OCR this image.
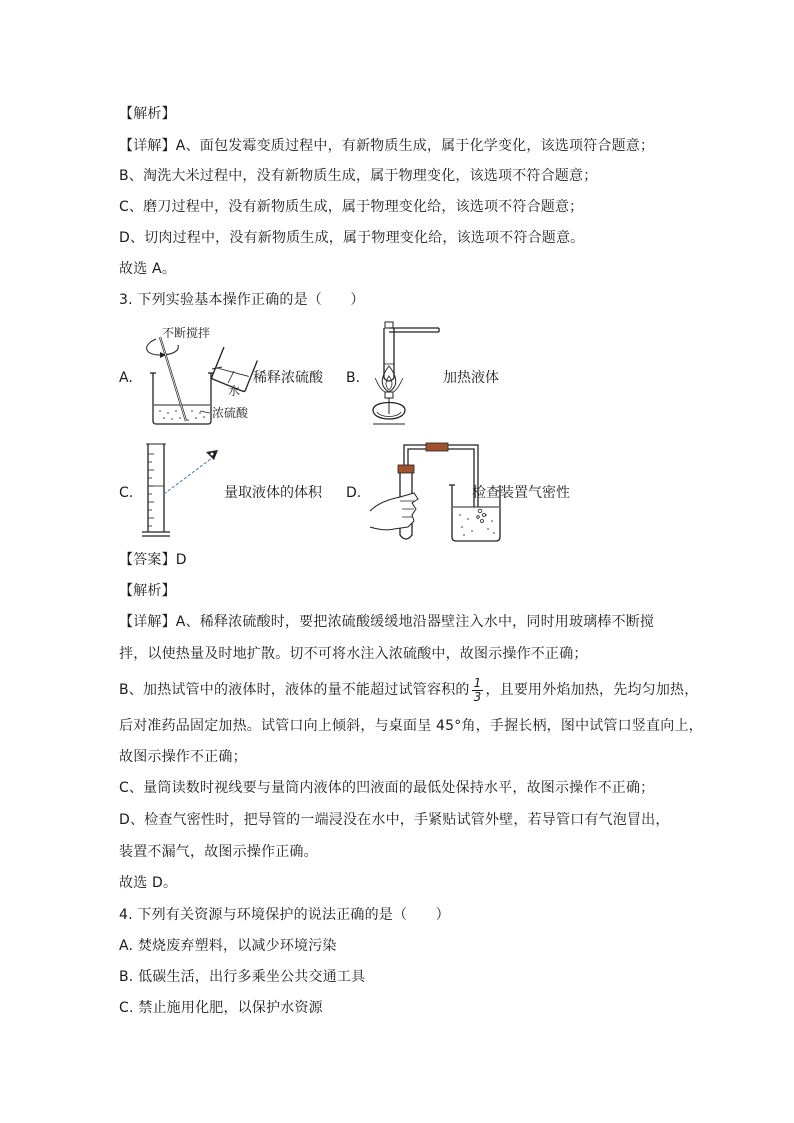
【解析】
【详解】A、面包发霉变质过程中，有新物质生成，属于化学变化，该选项符合题意；
B、淘洗大米过程中，没有新物质生成，属于物理变化，该选项不符合题意；
C、磨刀过程中，没有新物质生成，属于物理变化给，该选项不符合题意；
D、切肉过程中，没有新物质生成，属于物理变化给，该选项不符合题意。
故选 A。
3. 下列实验基本操作正确的是（　　）
A.
不断搅拌
水
浓硫酸
稀释浓硫酸 B.	加热液体
C.	量取液体的体积 D.	检查装置气密性
【答案】D
【解析】
【详解】A、稀释浓硫酸时，要把浓硫酸缓缓地沿器壁注入水中，同时用玻璃棒不断搅
拌，以使热量及时地扩散。切不可将水注入浓硫酸中，故图示操作不正确；
B、加热试管中的液体时，液体的量不能超过试管容积的 $\frac{1}{3}$ ，且要用外焰加热，先均匀加热，
后对准药品固定加热。试管口向上倾斜，与桌面呈 45°角，手握长柄，图中试管口竖直向上，
故图示操作不正确；
C、量筒读数时视线要与量筒内液体的凹液面的最低处保持水平，故图示操作不正确；
D、检查气密性时，把导管的一端浸没在水中，手紧贴试管外壁，若导管口有气泡冒出，
装置不漏气，故图示操作正确。
故选 D。
4. 下列有关资源与环境保护的说法正确的是（　　）
A. 焚烧废弃塑料，以减少环境污染
B. 低碳生活，出行多乘坐公共交通工具
C. 禁止施用化肥，以保护水资源
